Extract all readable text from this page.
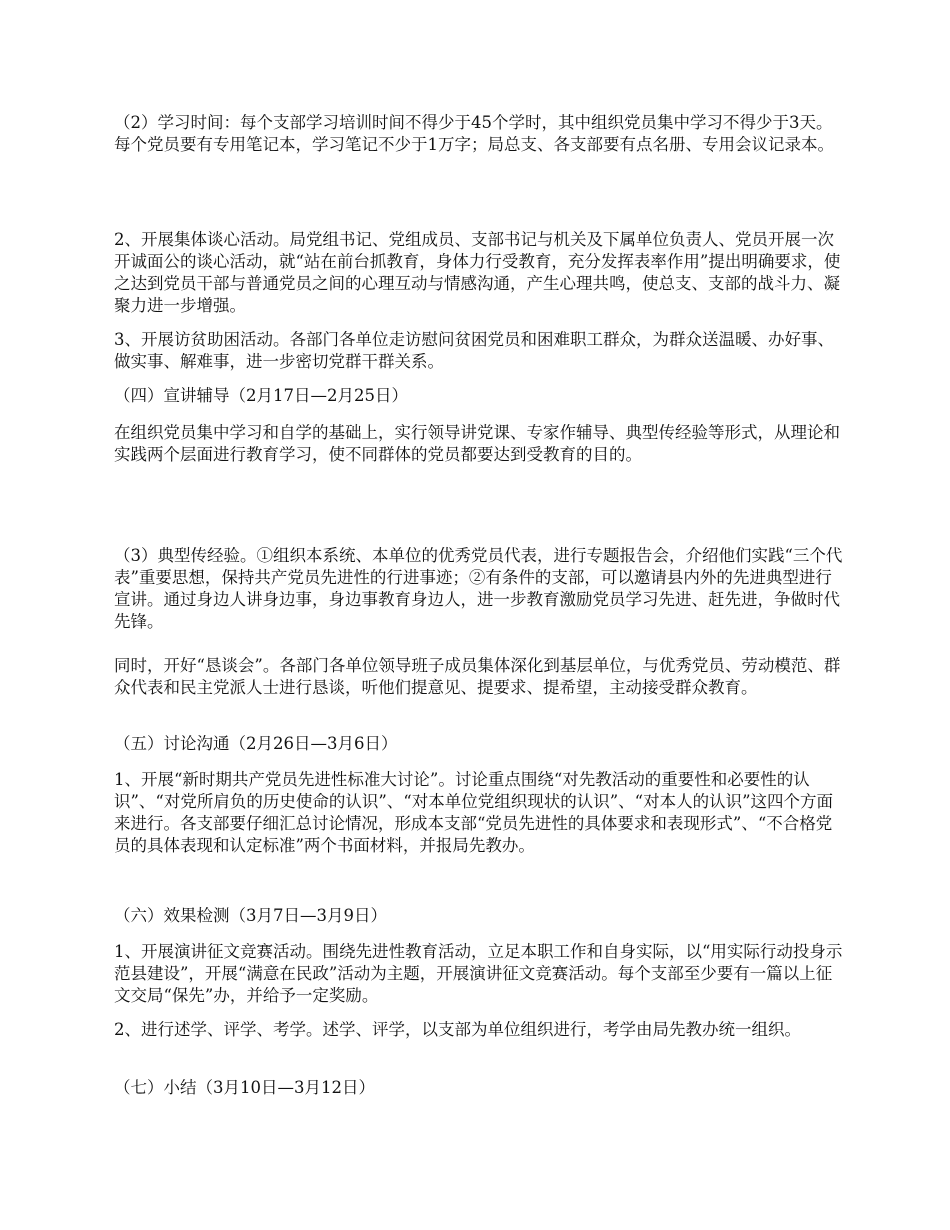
（2）学习时间：每个支部学习培训时间不得少于45个学时，其中组织党员集中学习不得少于3天。每个党员要有专用笔记本，学习笔记不少于1万字；局总支、各支部要有点名册、专用会议记录本。

2、开展集体谈心活动。局党组书记、党组成员、支部书记与机关及下属单位负责人、党员开展一次开诚面公的谈心活动，就“站在前台抓教育，身体力行受教育，充分发挥表率作用”提出明确要求，使之达到党员干部与普通党员之间的心理互动与情感沟通，产生心理共鸣，使总支、支部的战斗力、凝聚力进一步增强。

3、开展访贫助困活动。各部门各单位走访慰问贫困党员和困难职工群众，为群众送温暖、办好事、做实事、解难事，进一步密切党群干群关系。

（四）宣讲辅导（2月17日—2月25日）

在组织党员集中学习和自学的基础上，实行领导讲党课、专家作辅导、典型传经验等形式，从理论和实践两个层面进行教育学习，使不同群体的党员都要达到受教育的目的。

（3）典型传经验。①组织本系统、本单位的优秀党员代表，进行专题报告会，介绍他们实践“三个代表”重要思想，保持共产党员先进性的行进事迹；②有条件的支部，可以邀请县内外的先进典型进行宣讲。通过身边人讲身边事，身边事教育身边人，进一步教育激励党员学习先进、赶先进，争做时代先锋。

同时，开好“恳谈会”。各部门各单位领导班子成员集体深化到基层单位，与优秀党员、劳动模范、群众代表和民主党派人士进行恳谈，听他们提意见、提要求、提希望，主动接受群众教育。

（五）讨论沟通（2月26日—3月6日）

1、开展“新时期共产党员先进性标准大讨论”。讨论重点围绕“对先教活动的重要性和必要性的认识”、“对党所肩负的历史使命的认识”、“对本单位党组织现状的认识”、“对本人的认识”这四个方面来进行。各支部要仔细汇总讨论情况，形成本支部“党员先进性的具体要求和表现形式”、“不合格党员的具体表现和认定标准”两个书面材料，并报局先教办。

（六）效果检测（3月7日—3月9日）

1、开展演讲征文竞赛活动。围绕先进性教育活动，立足本职工作和自身实际，以“用实际行动投身示范县建设”，开展“满意在民政”活动为主题，开展演讲征文竞赛活动。每个支部至少要有一篇以上征文交局“保先”办，并给予一定奖励。

2、进行述学、评学、考学。述学、评学，以支部为单位组织进行，考学由局先教办统一组织。

（七）小结（3月10日—3月12日）
